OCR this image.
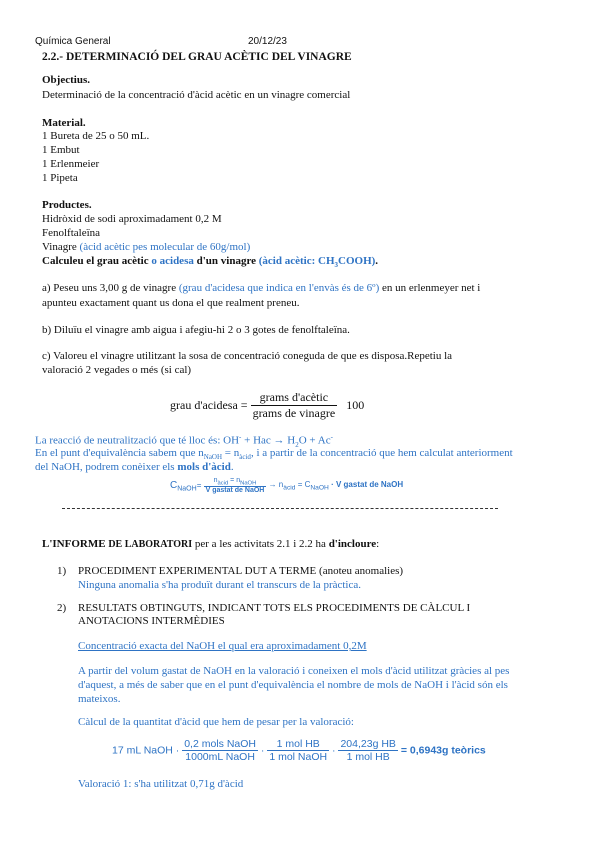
Química General	20/12/23
2.2.- DETERMINACIÓ DEL GRAU ACÈTIC DEL VINAGRE
Objectius.
Determinació de la concentració d'àcid acètic en un vinagre comercial
Material.
1 Bureta de 25 o 50 mL.
1 Embut
1 Erlenmeier
1 Pipeta
Productes.
Hidròxid de sodi aproximadament 0,2 M
Fenolftaleïna
Vinagre (àcid acètic pes molecular de 60g/mol)
Calculeu el grau acètic o acidesa d'un vinagre (àcid acètic: $CH_3COOH$).
a) Peseu uns 3,00 g de vinagre (grau d'acidesa que indica en l'envàs és de 6º) en un erlenmeyer net i
apunteu exactament quant us dona el que realment preneu.
b) Diluïu el vinagre amb aigua i afegiu-hi 2 o 3 gotes de fenolftaleïna.
c) Valoreu el vinagre utilitzant la sosa de concentració coneguda de que es disposa.Repetiu la
valoració 2 vegades o més (si cal)
grau d'acidesa = $\frac{\text{grams d'acètic}}{\text{grams de vinagre}} 100$
La reacció de neutralització que té lloc és: OH- + Hac → $H_2O + Ac^-$
En el punt d'equivalència sabem que $n_{NaOH} = n_{àcid}$, i a partir de la concentració que hem calculat anteriorment
del NaOH, podrem conèixer els mols d'àcid.
$C_{NaOH}= \frac{n_{àcid} = n_{NaOH}}{\text{V gastat de NaOH}} \to n_{àcid} = C_{NaOH} \cdot V$ gastat de NaOH
L'INFORME DE LABORATORI per a les activitats 2.1 i 2.2 ha d'incloure:
1) PROCEDIMENT EXPERIMENTAL DUT A TERME (anoteu anomalies)
Ninguna anomalia s'ha produït durant el transcurs de la pràctica.
2) RESULTATS OBTINGUTS, INDICANT TOTS ELS PROCEDIMENTS DE CÀLCUL I
ANOTACIONS INTERMÈDIES
Concentració exacta del NaOH el qual era aproximadament 0,2M
A partir del volum gastat de NaOH en la valoració i coneixen el mols d'àcid utilitzat gràcies al pes d'aquest, a més de saber que en el punt d'equivalència el nombre de mols de NaOH i l'àcid són els mateixos.
Càlcul de la quantitat d'àcid que hem de pesar per la valoració:
17 mL NaOH · $\frac{\text{0,2 mols NaOH}}{\text{1000mL NaOH}} \cdot \frac{\text{1 mol HB}}{\text{1 mol NaOH}} \cdot \frac{\text{204,23g HB}}{\text{1 mol HB}} = 0,6943g$ teòrics
Valoració 1: s'ha utilitzat 0,71g d'àcid
